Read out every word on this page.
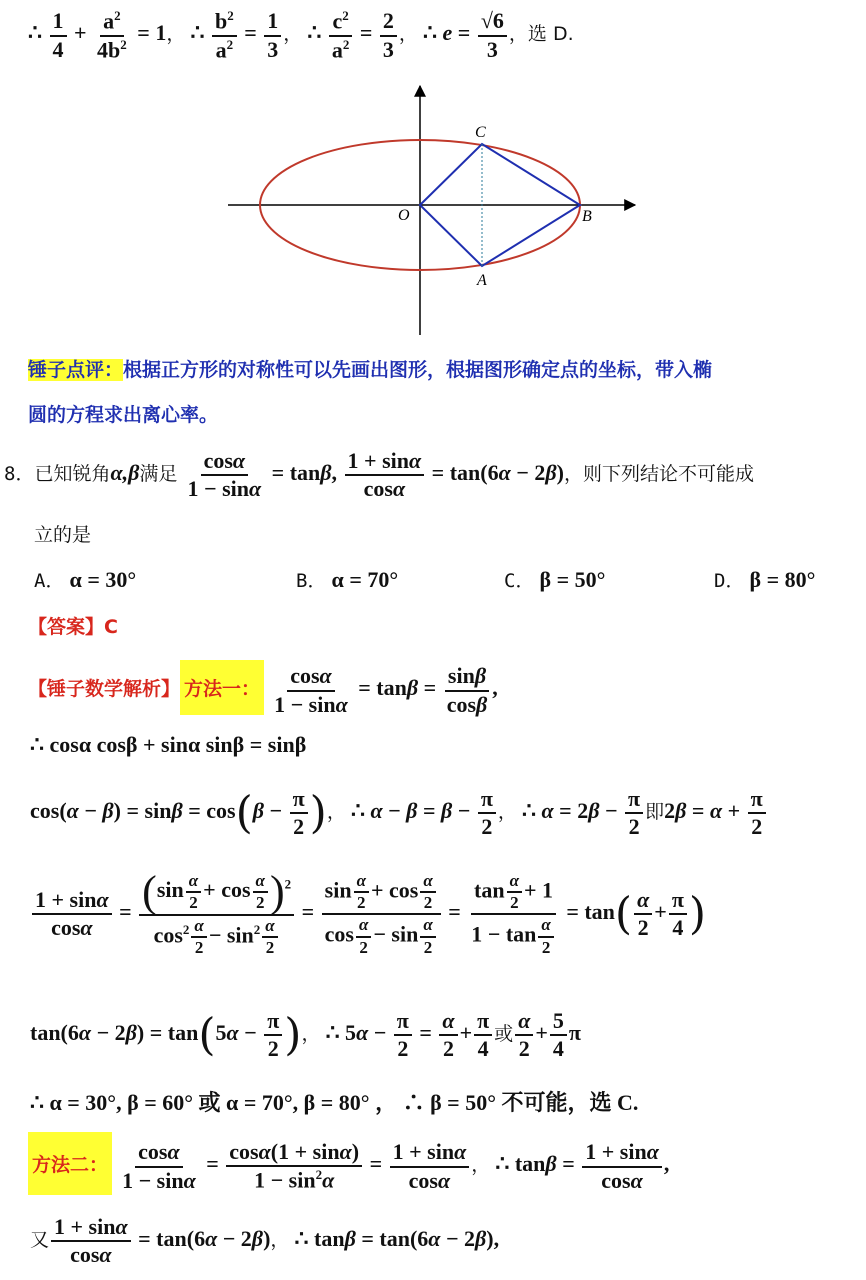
∴ $\frac{1}{4} + \frac{a^2}{4b^2} = 1$， ∴ $\frac{b^2}{a^2} = \frac{1}{3}$ ， ∴ $\frac{c^2}{a^2} = \frac{2}{3}$ ， ∴ $e = \frac{√6}{3}$ ，选 D.
C
O	B
A
锤子点评：根据正方形的对称性可以先画出图形，根据图形确定点的坐标，带入椭
圆的方程求出离心率。
8．已知锐角α,β满足 $\frac{\cos\alpha}{1 - \sin\alpha} = \tan\beta$, $\frac{1 + \sin\alpha}{\cos\alpha} = \tan(6\alpha - 2\beta)$，则下列结论不可能成
立的是
A． α = 30°	B． α = 70°	C． β = 50°	D． β = 80°
【答案】C
【锤子数学解析】 方法一： $\frac{\cos\alpha}{1 - \sin\alpha} = \tan\beta = \frac{\sin\beta}{\cos\beta}$ ,
∴ cosα cosβ + sinα sinβ = sinβ
$\cos(\alpha - \beta) = \sin\beta = \cos(\beta - \frac{\pi}{2}$ )， ∴ $\alpha - \beta = \beta - \frac{\pi}{2}$ ， ∴ $\alpha = 2\beta - \frac{\pi}{2}$ 即$2\beta = \alpha + \frac{\pi}{2}$
$\frac{1 + \sin\alpha}{\cos\alpha} = \frac{(\sin \frac{\alpha}{2} + \cos \frac{\alpha}{2} )^2}{\cos^2 \frac{\alpha}{2} - \sin^2 \frac{\alpha}{2}} = \frac{\sin \frac{\alpha}{2} + \cos \frac{\alpha}{2}}{\cos \frac{\alpha}{2} - \sin \frac{\alpha}{2}} = \frac{\tan \frac{\alpha}{2} + 1}{1 - \tan \frac{\alpha}{2}} = \tan( \frac{\alpha}{2} + \frac{\pi}{4}$ )
$\tan(6\alpha - 2\beta) = \tan(5\alpha - \frac{\pi}{2}$ )， ∴ $5\alpha - \frac{\pi}{2} = \frac{\alpha}{2} + \frac{\pi}{4}$ 或 $\frac{\alpha}{2} + \frac{5}{4}$ π
∴ α = 30°, β = 60° 或 α = 70°, β = 80° ， ∴ β = 50° 不可能，选 C.
方法二： $\frac{\cos\alpha}{1 - \sin\alpha} = \frac{\cos\alpha(1 + \sin\alpha)}{1 - \sin^2\alpha} = \frac{1 + \sin\alpha}{\cos\alpha}$ ， ∴ $\tan\beta = \frac{1 + \sin\alpha}{\cos\alpha}$ ,
又 $\frac{1 + \sin\alpha}{\cos\alpha} = \tan(6\alpha - 2\beta)$， ∴ tanβ = tan(6α − 2β),
